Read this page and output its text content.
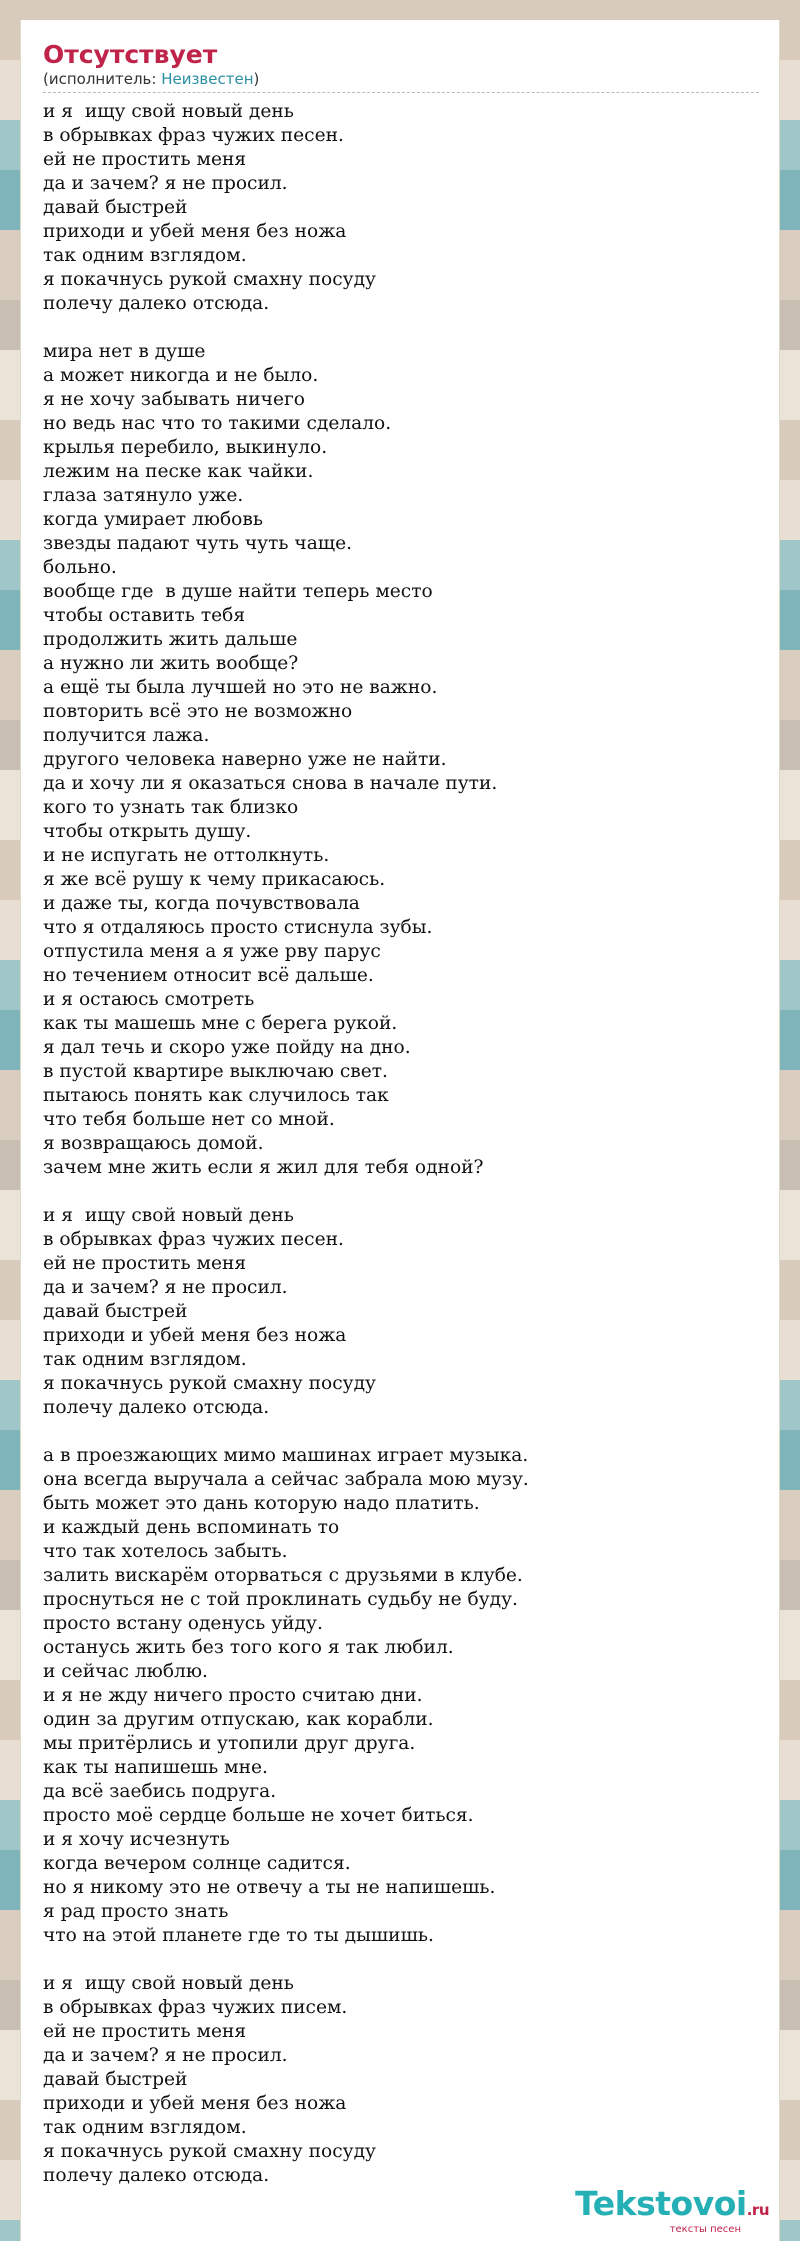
Отсутствует
(исполнитель: Неизвестен)
и я  ищу свой новый день
в обрывках фраз чужих песен.
ей не простить меня
да и зачем? я не просил.
давай быстрей
приходи и убей меня без ножа
так одним взглядом.
я покачнусь рукой смахну посуду
полечу далеко отсюда.

мира нет в душе
а может никогда и не было.
я не хочу забывать ничего
но ведь нас что то такими сделало.
крылья перебило, выкинуло.
лежим на песке как чайки.
глаза затянуло уже.
когда умирает любовь
звезды падают чуть чуть чаще.
больно.
вообще где  в душе найти теперь место
чтобы оставить тебя
продолжить жить дальше
а нужно ли жить вообще?
а ещё ты была лучшей но это не важно.
повторить всё это не возможно
получится лажа.
другого человека наверно уже не найти.
да и хочу ли я оказаться снова в начале пути.
кого то узнать так близко
чтобы открыть душу.
и не испугать не оттолкнуть.
я же всё рушу к чему прикасаюсь.
и даже ты, когда почувствовала
что я отдаляюсь просто стиснула зубы.
отпустила меня а я уже рву парус
но течением относит всё дальше.
и я остаюсь смотреть
как ты машешь мне с берега рукой.
я дал течь и скоро уже пойду на дно.
в пустой квартире выключаю свет.
пытаюсь понять как случилось так
что тебя больше нет со мной.
я возвращаюсь домой.
зачем мне жить если я жил для тебя одной?

и я  ищу свой новый день
в обрывках фраз чужих песен.
ей не простить меня
да и зачем? я не просил.
давай быстрей
приходи и убей меня без ножа
так одним взглядом.
я покачнусь рукой смахну посуду
полечу далеко отсюда.

а в проезжающих мимо машинах играет музыка.
она всегда выручала а сейчас забрала мою музу.
быть может это дань которую надо платить.
и каждый день вспоминать то
что так хотелось забыть.
залить вискарём оторваться с друзьями в клубе.
проснуться не с той проклинать судьбу не буду.
просто встану оденусь уйду.
останусь жить без того кого я так любил.
и сейчас люблю.
и я не жду ничего просто считаю дни.
один за другим отпускаю, как корабли.
мы притёрлись и утопили друг друга.
как ты напишешь мне.
да всё заебись подруга.
просто моё сердце больше не хочет биться.
и я хочу исчезнуть
когда вечером солнце садится.
но я никому это не отвечу а ты не напишешь.
я рад просто знать
что на этой планете где то ты дышишь.

и я  ищу свой новый день
в обрывках фраз чужих писем.
ей не простить меня
да и зачем? я не просил.
давай быстрей
приходи и убей меня без ножа
так одним взглядом.
я покачнусь рукой смахну посуду
полечу далеко отсюда.
Tekstovoi.ru
тексты песен
